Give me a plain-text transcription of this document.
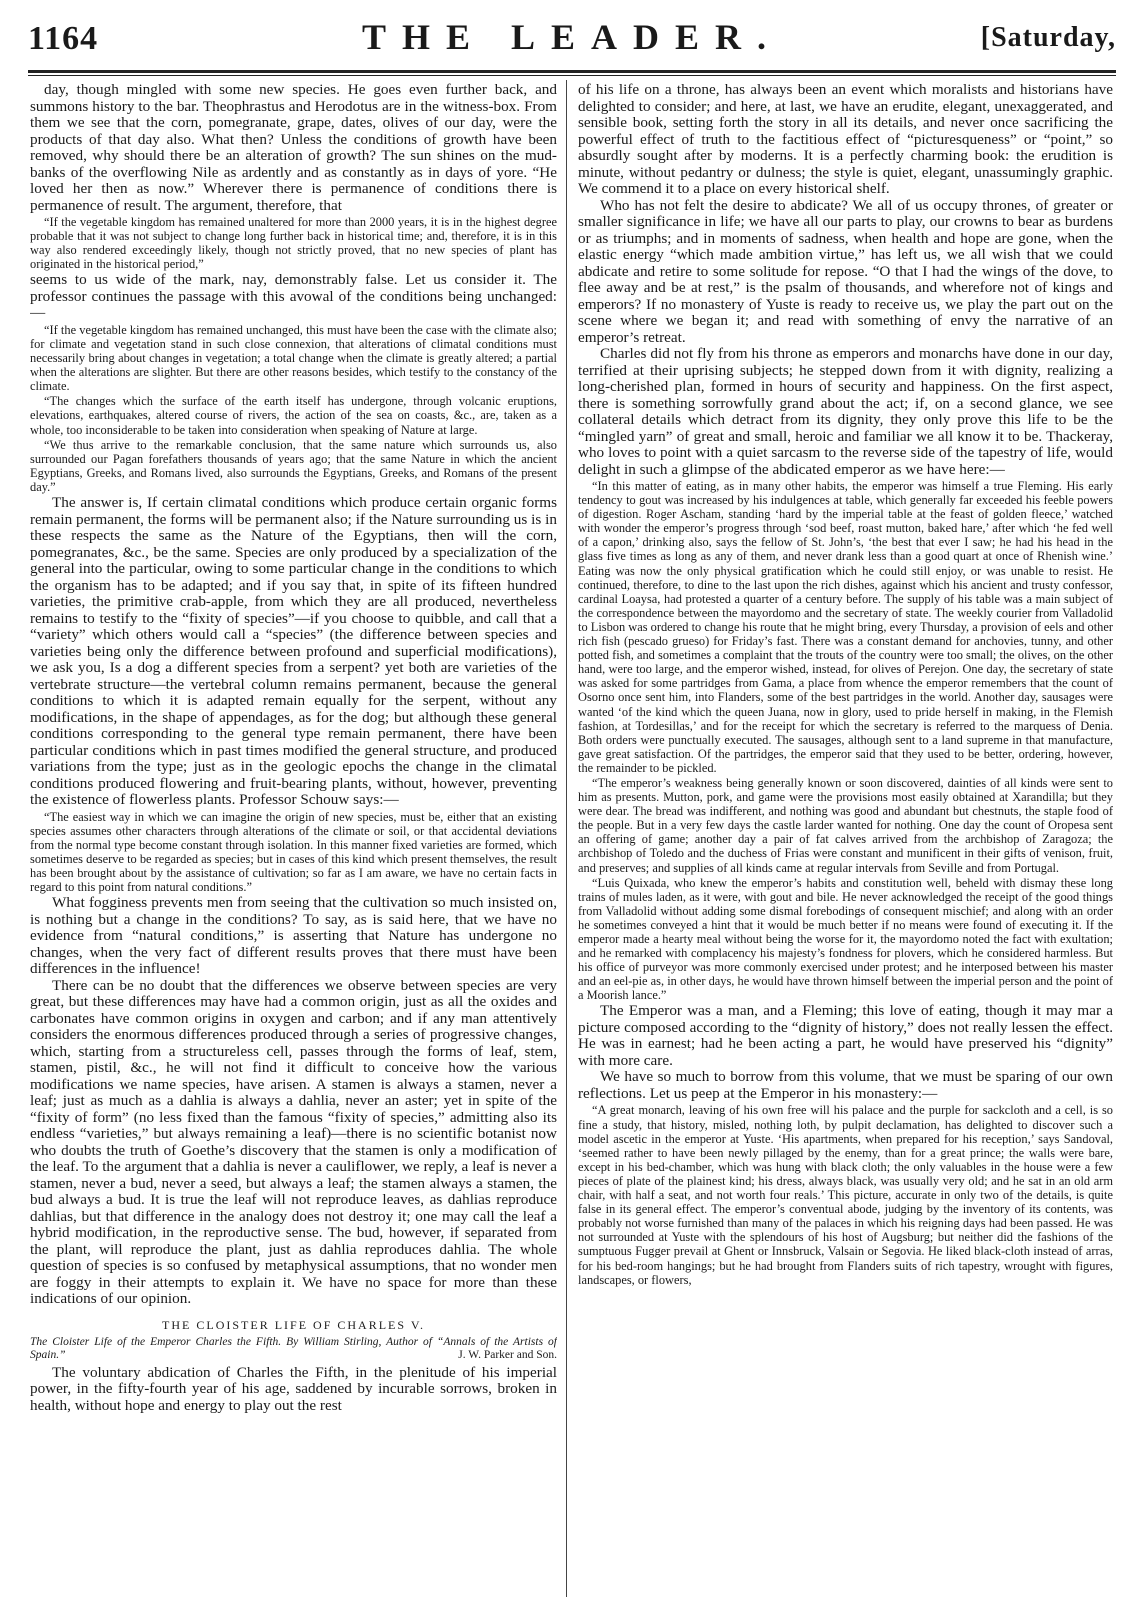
1164	THE LEADER.	[Saturday,

day, though mingled with some new species. He goes even further back, and summons history to the bar. Theophrastus and Herodotus are in the witness-box. From them we see that the corn, pomegranate, grape, dates, olives of our day, were the products of that day also. What then? Unless the conditions of growth have been removed, why should there be an alteration of growth? The sun shines on the mud-banks of the overflowing Nile as ardently and as constantly as in days of yore. “He loved her then as now.” Wherever there is permanence of conditions there is permanence of result. The argument, therefore, that

“If the vegetable kingdom has remained unaltered for more than 2000 years, it is in the highest degree probable that it was not subject to change long further back in historical time; and, therefore, it is in this way also rendered exceedingly likely, though not strictly proved, that no new species of plant has originated in the historical period,”

seems to us wide of the mark, nay, demonstrably false. Let us consider it. The professor continues the passage with this avowal of the conditions being unchanged:—

“If the vegetable kingdom has remained unchanged, this must have been the case with the climate also; for climate and vegetation stand in such close connexion, that alterations of climatal conditions must necessarily bring about changes in vegetation; a total change when the climate is greatly altered; a partial when the alterations are slighter. But there are other reasons besides, which testify to the constancy of the climate.

“The changes which the surface of the earth itself has undergone, through volcanic eruptions, elevations, earthquakes, altered course of rivers, the action of the sea on coasts, &c., are, taken as a whole, too inconsiderable to be taken into consideration when speaking of Nature at large.

“We thus arrive to the remarkable conclusion, that the same nature which surrounds us, also surrounded our Pagan forefathers thousands of years ago; that the same Nature in which the ancient Egyptians, Greeks, and Romans lived, also surrounds the Egyptians, Greeks, and Romans of the present day.”

The answer is, If certain climatal conditions which produce certain organic forms remain permanent, the forms will be permanent also; if the Nature surrounding us is in these respects the same as the Nature of the Egyptians, then will the corn, pomegranates, &c., be the same. Species are only produced by a specialization of the general into the particular, owing to some particular change in the conditions to which the organism has to be adapted; and if you say that, in spite of its fifteen hundred varieties, the primitive crab-apple, from which they are all produced, nevertheless remains to testify to the “fixity of species”—if you choose to quibble, and call that a “variety” which others would call a “species” (the difference between species and varieties being only the difference between profound and superficial modifications), we ask you, Is a dog a different species from a serpent? yet both are varieties of the vertebrate structure—the vertebral column remains permanent, because the general conditions to which it is adapted remain equally for the serpent, without any modifications, in the shape of appendages, as for the dog; but although these general conditions corresponding to the general type remain permanent, there have been particular conditions which in past times modified the general structure, and produced variations from the type; just as in the geologic epochs the change in the climatal conditions produced flowering and fruit-bearing plants, without, however, preventing the existence of flowerless plants. Professor Schouw says:—

“The easiest way in which we can imagine the origin of new species, must be, either that an existing species assumes other characters through alterations of the climate or soil, or that accidental deviations from the normal type become constant through isolation. In this manner fixed varieties are formed, which sometimes deserve to be regarded as species; but in cases of this kind which present themselves, the result has been brought about by the assistance of cultivation; so far as I am aware, we have no certain facts in regard to this point from natural conditions.”

What fogginess prevents men from seeing that the cultivation so much insisted on, is nothing but a change in the conditions? To say, as is said here, that we have no evidence from “natural conditions,” is asserting that Nature has undergone no changes, when the very fact of different results proves that there must have been differences in the influence!

There can be no doubt that the differences we observe between species are very great, but these differences may have had a common origin, just as all the oxides and carbonates have common origins in oxygen and carbon; and if any man attentively considers the enormous differences produced through a series of progressive changes, which, starting from a structureless cell, passes through the forms of leaf, stem, stamen, pistil, &c., he will not find it difficult to conceive how the various modifications we name species, have arisen. A stamen is always a stamen, never a leaf; just as much as a dahlia is always a dahlia, never an aster; yet in spite of the “fixity of form” (no less fixed than the famous “fixity of species,” admitting also its endless “varieties,” but always remaining a leaf)—there is no scientific botanist now who doubts the truth of Goethe’s discovery that the stamen is only a modification of the leaf. To the argument that a dahlia is never a cauliflower, we reply, a leaf is never a stamen, never a bud, never a seed, but always a leaf; the stamen always a stamen, the bud always a bud. It is true the leaf will not reproduce leaves, as dahlias reproduce dahlias, but that difference in the analogy does not destroy it; one may call the leaf a hybrid modification, in the reproductive sense. The bud, however, if separated from the plant, will reproduce the plant, just as dahlia reproduces dahlia. The whole question of species is so confused by metaphysical assumptions, that no wonder men are foggy in their attempts to explain it. We have no space for more than these indications of our opinion.

THE CLOISTER LIFE OF CHARLES V.
The Cloister Life of the Emperor Charles the Fifth. By William Stirling, Author of “Annals of the Artists of Spain.”	J. W. Parker and Son.

The voluntary abdication of Charles the Fifth, in the plenitude of his imperial power, in the fifty-fourth year of his age, saddened by incurable sorrows, broken in health, without hope and energy to play out the rest

of his life on a throne, has always been an event which moralists and historians have delighted to consider; and here, at last, we have an erudite, elegant, unexaggerated, and sensible book, setting forth the story in all its details, and never once sacrificing the powerful effect of truth to the factitious effect of “picturesqueness” or “point,” so absurdly sought after by moderns. It is a perfectly charming book: the erudition is minute, without pedantry or dulness; the style is quiet, elegant, unassumingly graphic. We commend it to a place on every historical shelf.

Who has not felt the desire to abdicate? We all of us occupy thrones, of greater or smaller significance in life; we have all our parts to play, our crowns to bear as burdens or as triumphs; and in moments of sadness, when health and hope are gone, when the elastic energy “which made ambition virtue,” has left us, we all wish that we could abdicate and retire to some solitude for repose. “O that I had the wings of the dove, to flee away and be at rest,” is the psalm of thousands, and wherefore not of kings and emperors? If no monastery of Yuste is ready to receive us, we play the part out on the scene where we began it; and read with something of envy the narrative of an emperor’s retreat.

Charles did not fly from his throne as emperors and monarchs have done in our day, terrified at their uprising subjects; he stepped down from it with dignity, realizing a long-cherished plan, formed in hours of security and happiness. On the first aspect, there is something sorrowfully grand about the act; if, on a second glance, we see collateral details which detract from its dignity, they only prove this life to be the “mingled yarn” of great and small, heroic and familiar we all know it to be. Thackeray, who loves to point with a quiet sarcasm to the reverse side of the tapestry of life, would delight in such a glimpse of the abdicated emperor as we have here:—

“In this matter of eating, as in many other habits, the emperor was himself a true Fleming. His early tendency to gout was increased by his indulgences at table, which generally far exceeded his feeble powers of digestion. Roger Ascham, standing ‘hard by the imperial table at the feast of golden fleece,’ watched with wonder the emperor’s progress through ‘sod beef, roast mutton, baked hare,’ after which ‘he fed well of a capon,’ drinking also, says the fellow of St. John’s, ‘the best that ever I saw; he had his head in the glass five times as long as any of them, and never drank less than a good quart at once of Rhenish wine.’ Eating was now the only physical gratification which he could still enjoy, or was unable to resist. He continued, therefore, to dine to the last upon the rich dishes, against which his ancient and trusty confessor, cardinal Loaysa, had protested a quarter of a century before. The supply of his table was a main subject of the correspondence between the mayordomo and the secretary of state. The weekly courier from Valladolid to Lisbon was ordered to change his route that he might bring, every Thursday, a provision of eels and other rich fish (pescado grueso) for Friday’s fast. There was a constant demand for anchovies, tunny, and other potted fish, and sometimes a complaint that the trouts of the country were too small; the olives, on the other hand, were too large, and the emperor wished, instead, for olives of Perejon. One day, the secretary of state was asked for some partridges from Gama, a place from whence the emperor remembers that the count of Osorno once sent him, into Flanders, some of the best partridges in the world. Another day, sausages were wanted ‘of the kind which the queen Juana, now in glory, used to pride herself in making, in the Flemish fashion, at Tordesillas,’ and for the receipt for which the secretary is referred to the marquess of Denia. Both orders were punctually executed. The sausages, although sent to a land supreme in that manufacture, gave great satisfaction. Of the partridges, the emperor said that they used to be better, ordering, however, the remainder to be pickled.

“The emperor’s weakness being generally known or soon discovered, dainties of all kinds were sent to him as presents. Mutton, pork, and game were the provisions most easily obtained at Xarandilla; but they were dear. The bread was indifferent, and nothing was good and abundant but chestnuts, the staple food of the people. But in a very few days the castle larder wanted for nothing. One day the count of Oropesa sent an offering of game; another day a pair of fat calves arrived from the archbishop of Zaragoza; the archbishop of Toledo and the duchess of Frias were constant and munificent in their gifts of venison, fruit, and preserves; and supplies of all kinds came at regular intervals from Seville and from Portugal.

“Luis Quixada, who knew the emperor’s habits and constitution well, beheld with dismay these long trains of mules laden, as it were, with gout and bile. He never acknowledged the receipt of the good things from Valladolid without adding some dismal forebodings of consequent mischief; and along with an order he sometimes conveyed a hint that it would be much better if no means were found of executing it. If the emperor made a hearty meal without being the worse for it, the mayordomo noted the fact with exultation; and he remarked with complacency his majesty’s fondness for plovers, which he considered harmless. But his office of purveyor was more commonly exercised under protest; and he interposed between his master and an eel-pie as, in other days, he would have thrown himself between the imperial person and the point of a Moorish lance.”

The Emperor was a man, and a Fleming; this love of eating, though it may mar a picture composed according to the “dignity of history,” does not really lessen the effect. He was in earnest; had he been acting a part, he would have preserved his “dignity” with more care.

We have so much to borrow from this volume, that we must be sparing of our own reflections. Let us peep at the Emperor in his monastery:—

“A great monarch, leaving of his own free will his palace and the purple for sackcloth and a cell, is so fine a study, that history, misled, nothing loth, by pulpit declamation, has delighted to discover such a model ascetic in the emperor at Yuste. ‘His apartments, when prepared for his reception,’ says Sandoval, ‘seemed rather to have been newly pillaged by the enemy, than for a great prince; the walls were bare, except in his bed-chamber, which was hung with black cloth; the only valuables in the house were a few pieces of plate of the plainest kind; his dress, always black, was usually very old; and he sat in an old arm chair, with half a seat, and not worth four reals.’ This picture, accurate in only two of the details, is quite false in its general effect. The emperor’s conventual abode, judging by the inventory of its contents, was probably not worse furnished than many of the palaces in which his reigning days had been passed. He was not surrounded at Yuste with the splendours of his host of Augsburg; but neither did the fashions of the sumptuous Fugger prevail at Ghent or Innsbruck, Valsain or Segovia. He liked black-cloth instead of arras, for his bed-room hangings; but he had brought from Flanders suits of rich tapestry, wrought with figures, landscapes, or flowers,
